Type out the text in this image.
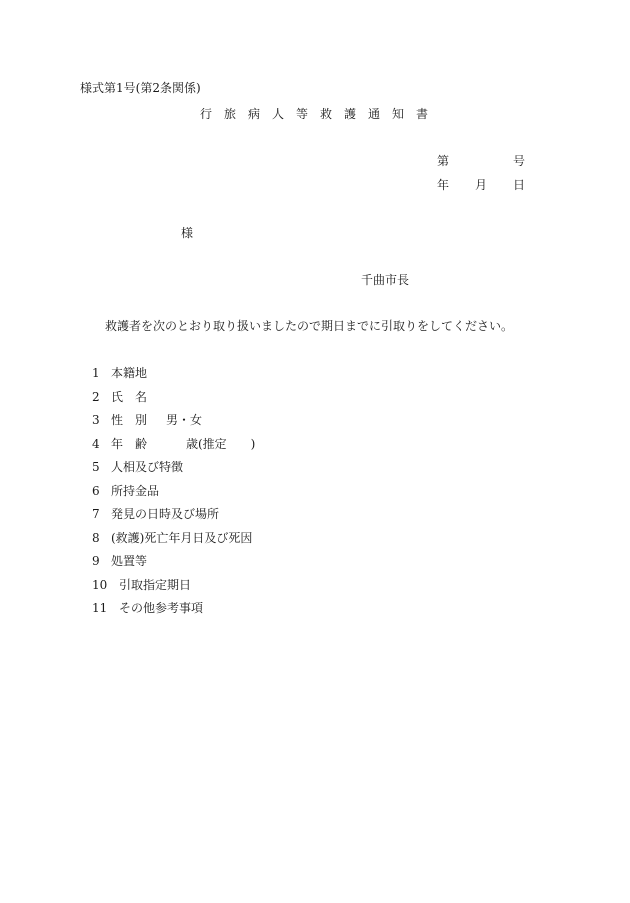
様式第1号(第2条関係)
行　旅　病　人　等　救　護　通　知　書
第	号
年 月 日
様
千曲市長
救護者を次のとおり取り扱いましたので期日までに引取りをしてください。
1 本籍地
2 氏　名
3 性　別 男・女
4 年　齢	歳(推定　　)
5 人相及び特徴
6 所持金品
7 発見の日時及び場所
8 (救護)死亡年月日及び死因
9 処置等
10 引取指定期日
11 その他参考事項
